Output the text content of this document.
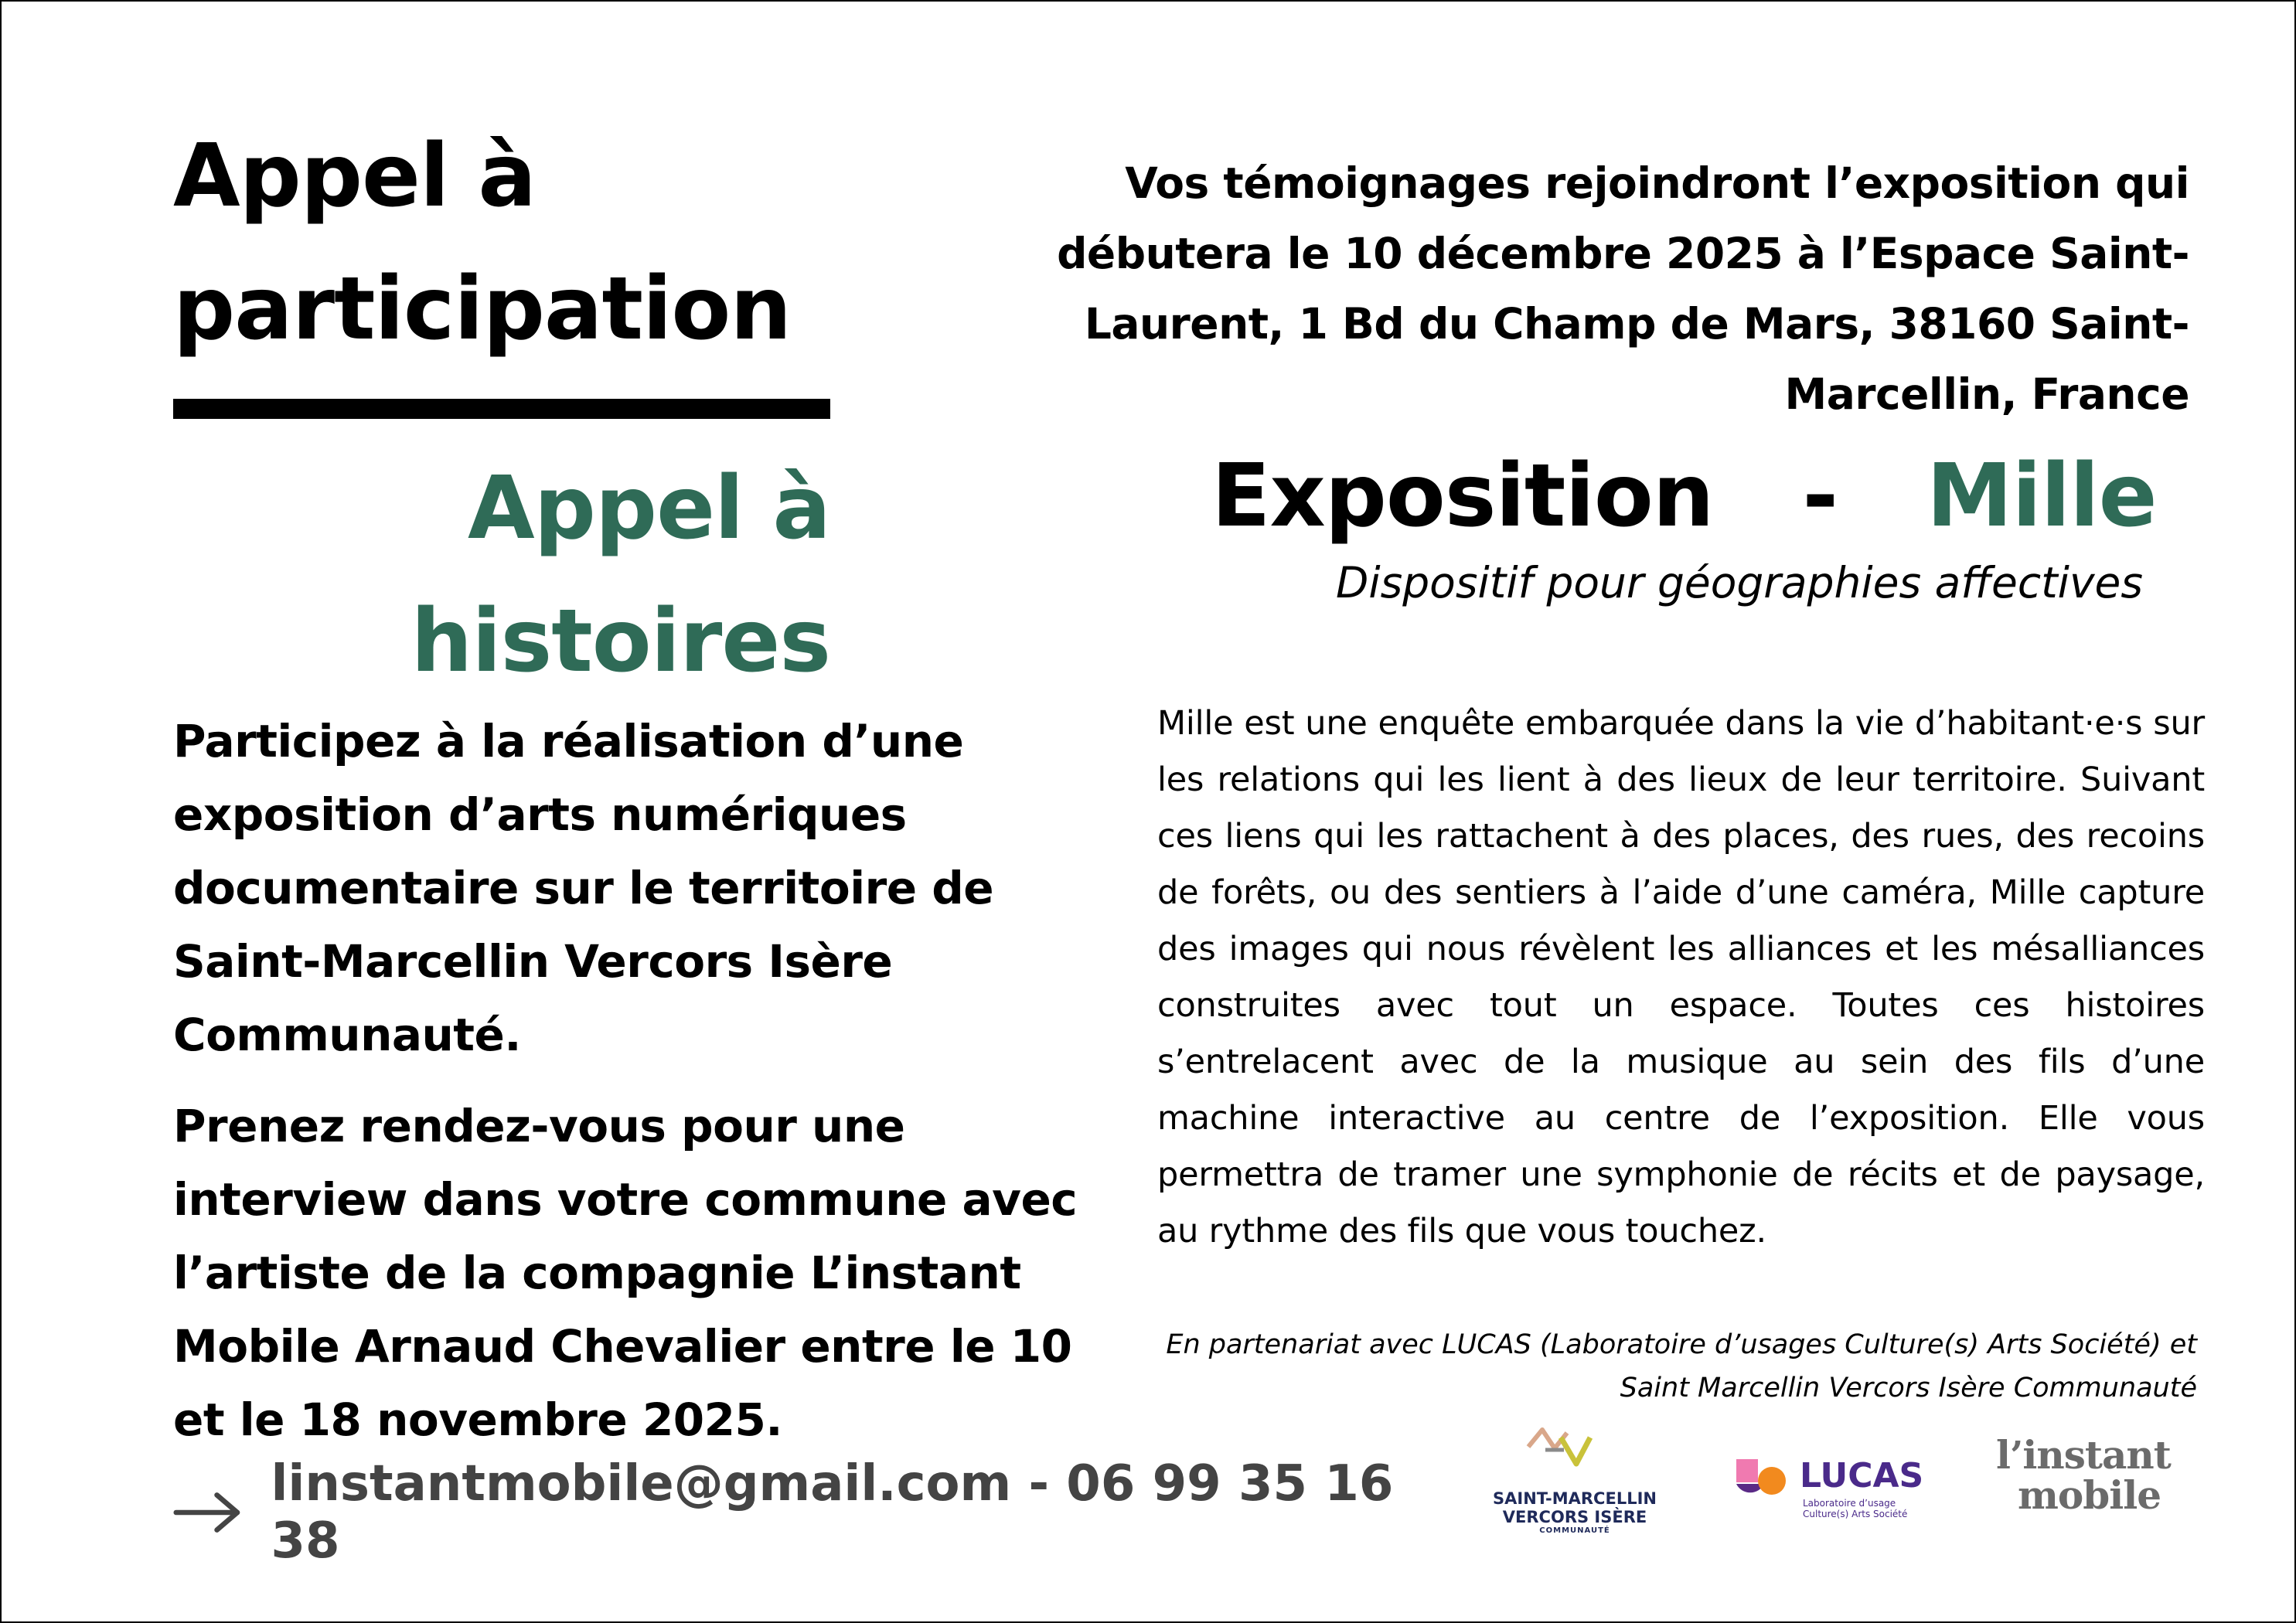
Appel à
participation
Appel à
histoires
Participez à la réalisation d’une
exposition d’arts numériques
documentaire sur le territoire de
Saint-Marcellin Vercors Isère
Communauté.
Prenez rendez-vous pour une
interview dans votre commune avec
l’artiste de la compagnie L’instant
Mobile Arnaud Chevalier entre le 10
et le 18 novembre 2025.
linstantmobile@gmail.com - 06 99 35 16 38
Vos témoignages rejoindront l’exposition qui
débutera le 10 décembre 2025 à l’Espace Saint-
Laurent, 1 Bd du Champ de Mars, 38160 Saint-
Marcellin, France
Exposition - Mille
Dispositif pour géographies affectives
Mille est une enquête embarquée dans la vie d’habitant·e·s sur les relations qui les lient à des lieux de leur territoire. Suivant ces liens qui les rattachent à des places, des rues, des recoins de forêts, ou des sentiers à l’aide d’une caméra, Mille capture des images qui nous révèlent les alliances et les mésalliances construites avec tout un espace. Toutes ces histoires s’entrelacent avec de la musique au sein des fils d’une machine interactive au centre de l’exposition. Elle vous permettra de tramer une symphonie de récits et de paysage, au rythme des fils que vous touchez.
En partenariat avec LUCAS (Laboratoire d’usages Culture(s) Arts Société) et
Saint Marcellin Vercors Isère Communauté
SAINT-MARCELLIN
VERCORS ISÈRE
COMMUNAUTÉ
LUCAS
Laboratoire d’usage
Culture(s) Arts Société
l’instant
mobile
